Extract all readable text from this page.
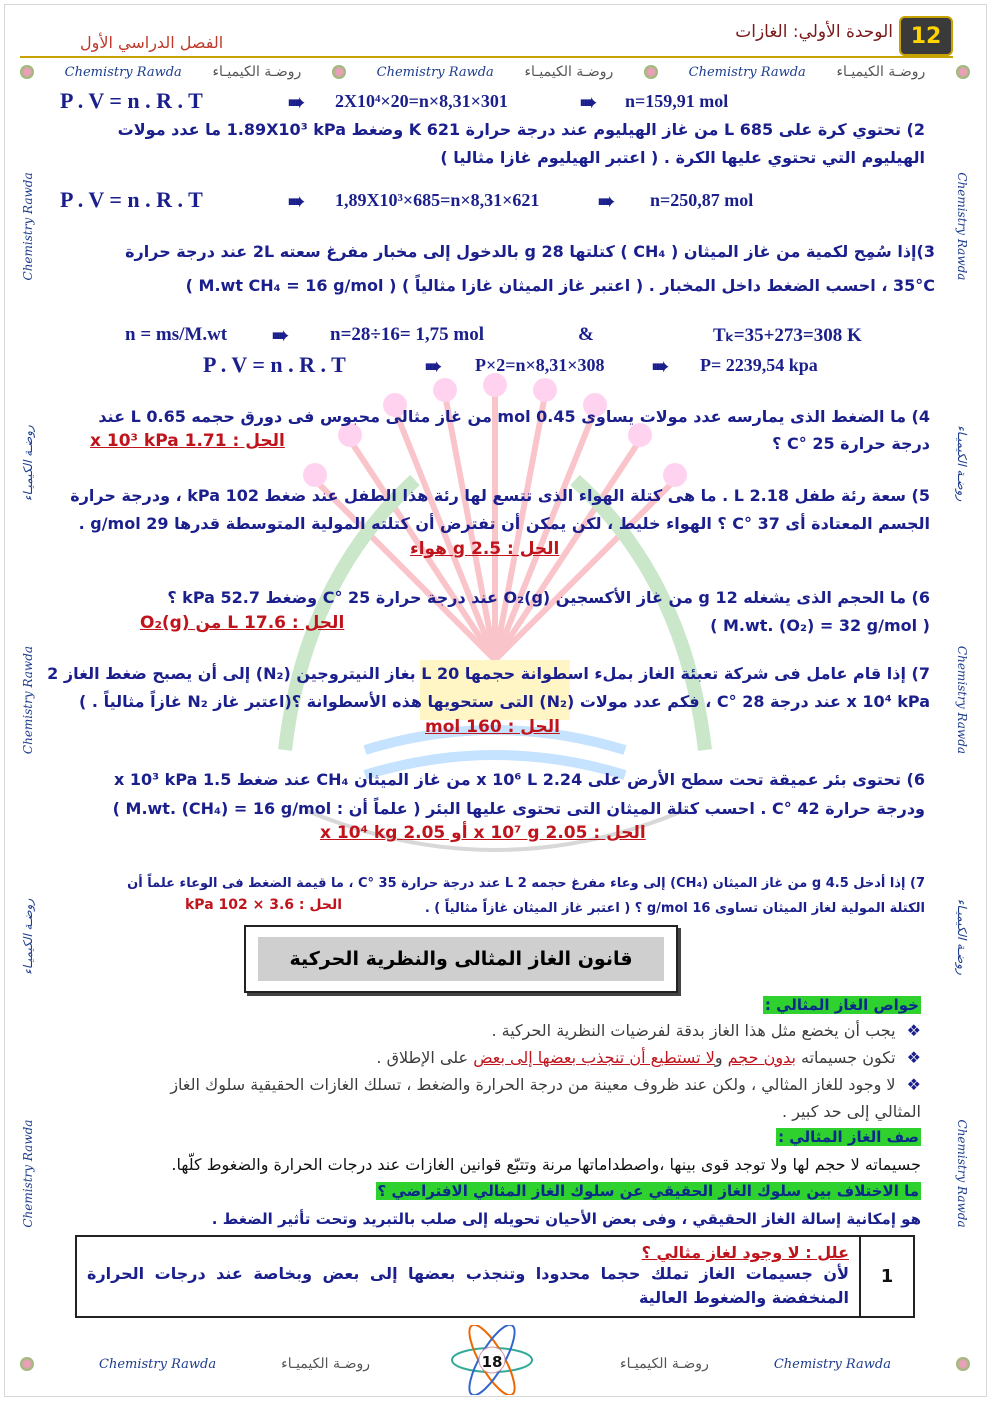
12
الوحدة الأولي: الغازات
الفصل الدراسي الأول
Chemistry Rawda روضـة الكيميـاء	Chemistry Rawda روضـة الكيميـاء	Chemistry Rawda روضـة الكيميـاء
Chemistry Rawda	روضـة الكيميـاء	روضـة الكيميـاء	Chemistry Rawda
Chemistry Rawda
روضـة الكيميـاء
Chemistry Rawda
روضـة الكيميـاء
Chemistry Rawda	Chemistry Rawda
روضـة الكيميـاء
Chemistry Rawda
روضـة الكيميـاء
Chemistry Rawda
P . V = n . R . T	➠ 2X10⁴×20=n×8,31×301	➠ n=159,91 mol
2) تحتوي كرة على 685 L من غاز الهيليوم عند درجة حرارة 621 K وضغط 1.89X10³ kPa ما عدد مولات
الهيليوم التي تحتوي عليها الكرة . ( اعتبر الهيليوم غازا مثاليا )
P . V = n . R . T	➠ 1,89X10³×685=n×8,31×621	➠ n=250,87 mol
3)إذا سُمِح لكمية من غاز الميثان ( CH₄ ) كتلتها 28 g بالدخول إلى مخبار مفرغ سعته 2L عند درجة حرارة
35°C ، احسب الضغط داخل المخبار . ( اعتبر غاز الميثان غازا مثالياً ) ( M.wt CH₄ = 16 g/mol )
n = ms/M.wt ➠ n=28÷16= 1,75 mol	&	Tₖ=35+273=308 K
P . V = n . R . T	➠ P×2=n×8,31×308 ➠ P= 2239,54 kpa
4) ما الضغط الذى يمارسه عدد مولات يساوى 0.45 mol من غاز مثالى محبوس فى دورق حجمه 0.65 L عند
درجة حرارة 25 °C ؟
الحل : 1.71 x 10³ kPa
5) سعة رئة طفل 2.18 L . ما هى كتلة الهواء الذى تتسع لها رئة هذا الطفل عند ضغط 102 kPa ، ودرجة حرارة
الجسم المعتادة أى 37 °C ؟ الهواء خليط ، لكن يمكن أن تفترض أن كتلته المولية المتوسطة قدرها 29 g/mol .
الحل : 2.5 g هواء
6) ما الحجم الذى يشغله 12 g من غاز الأكسجين O₂(g) عند درجة حرارة 25 °C وضغط 52.7 kPa ؟
( M.wt. (O₂) = 32 g/mol )
الحل : 17.6 L من O₂(g)
7) إذا قام عامل فى شركة تعبئة الغاز بملء اسطوانة حجمها 20 L بغاز النيتروجين (N₂) إلى أن يصبح ضغط الغاز 2
x 10⁴ kPa عند درجة 28 °C ، فكم عدد مولات (N₂) التى ستحويها هذه الأسطوانة ؟(اعتبر غاز N₂ غازاً مثالياً . )
الحل : 160 mol
6) تحتوى بئر عميقة تحت سطح الأرض على 2.24 x 10⁶ L من غاز الميثان CH₄ عند ضغط 1.5 x 10³ kPa
ودرجة حرارة 42 °C . احسب كتلة الميثان التى تحتوى عليها البئر ( علماً أن : M.wt. (CH₄) = 16 g/mol )
الحل : 2.05 x 10⁷ g أو 2.05 x 10⁴ kg
7) إذا أدخل 4.5 g من غاز الميثان (CH₄) إلى وعاء مفرغ حجمه 2 L عند درجة حرارة 35 °C ، ما قيمة الضغط فى الوعاء علماً أن
الكتلة المولية لغاز الميثان تساوى 16 g/mol ؟ ( اعتبر غاز الميثان غازاً مثالياً ) .
الحل : 3.6 × 102 kPa
قانون الغاز المثالى والنظرية الحركية
خواص الغاز المثالي :
❖ يجب أن يخضع مثل هذا الغاز بدقة لفرضيات النظرية الحركية .
❖ تكون جسيماته بدون حجم ولا تستطيع أن تنجذب بعضها إلى بعض على الإطلاق .
❖ لا وجود للغاز المثالي ، ولكن عند ظروف معينة من درجة الحرارة والضغط ، تسلك الغازات الحقيقية سلوك الغاز
المثالي إلى حد كبير .
صف الغاز المثالي :
جسيماته لا حجم لها ولا توجد قوى بينها ،واصطداماتها مرنة وتتبّع قوانين الغازات عند درجات الحرارة والضغوط كلّها.
ما الاختلاف بين سلوك الغاز الحقيقي عن سلوك الغاز المثالي الافتراضي ؟
هو إمكانية إسالة الغاز الحقيقي ، وفى بعض الأحيان تحويله إلى صلب بالتبريد وتحت تأثير الضغط .
علل : لا وجود لغاز مثالي ؟
لأن جسيمات الغاز تملك حجما محدودا وتنجذب بعضها إلى بعض وبخاصة عند درجات الحرارة المنخفضة والضغوط العالية
	1
18
